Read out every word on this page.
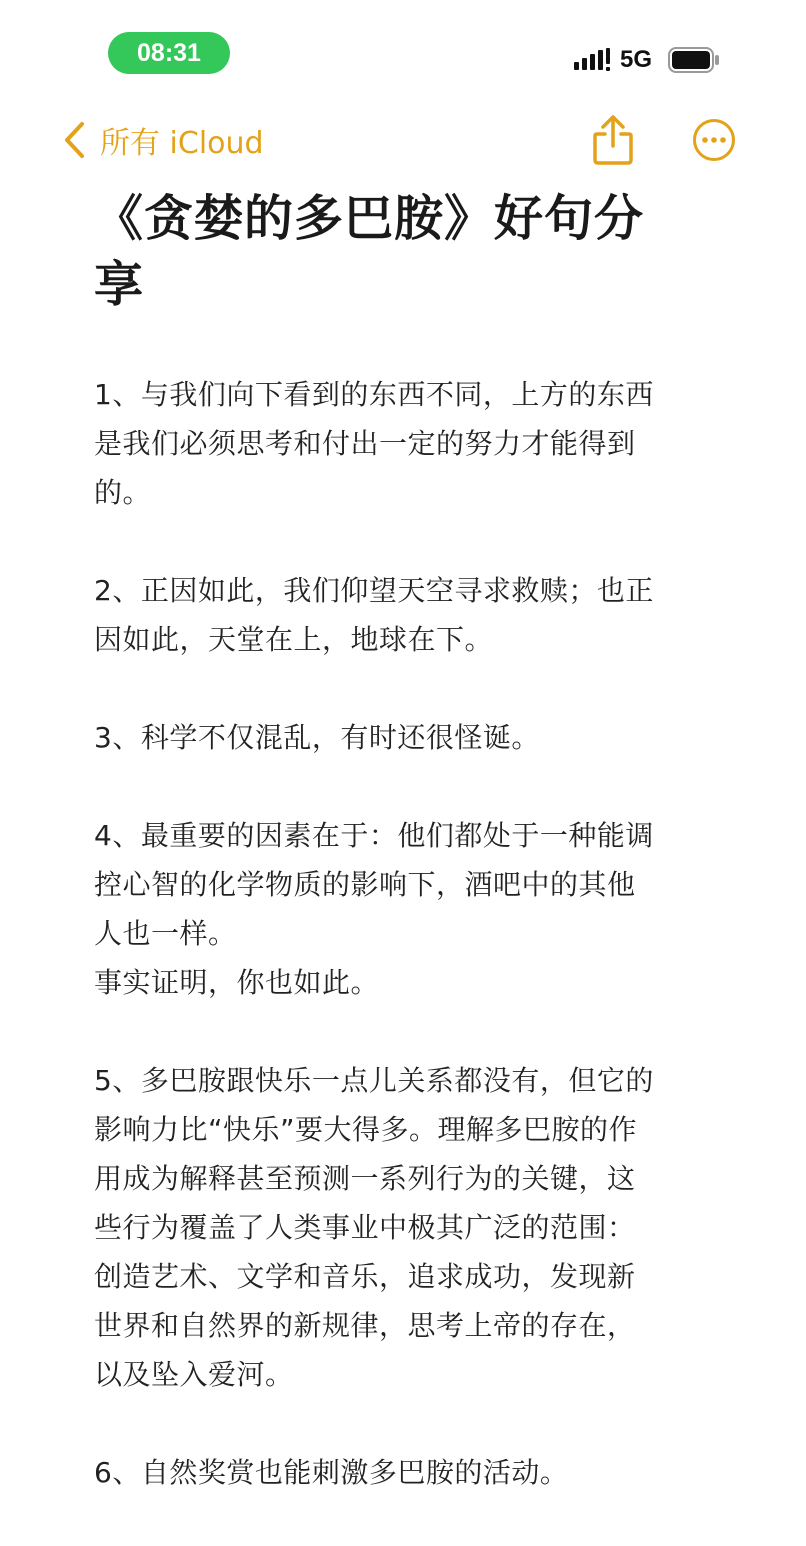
08:31	5G
所有 iCloud
《贪婪的多巴胺》好句分
享
1、与我们向下看到的东西不同，上方的东西
是我们必须思考和付出一定的努力才能得到
的。
2、正因如此，我们仰望天空寻求救赎；也正
因如此，天堂在上，地球在下。
3、科学不仅混乱，有时还很怪诞。
4、最重要的因素在于：他们都处于一种能调
控心智的化学物质的影响下，酒吧中的其他
人也一样。
事实证明，你也如此。
5、多巴胺跟快乐一点儿关系都没有，但它的
影响力比“快乐”要大得多。理解多巴胺的作
用成为解释甚至预测一系列行为的关键，这
些行为覆盖了人类事业中极其广泛的范围：
创造艺术、文学和音乐，追求成功，发现新
世界和自然界的新规律，思考上帝的存在，
以及坠入爱河。
6、自然奖赏也能刺激多巴胺的活动。
